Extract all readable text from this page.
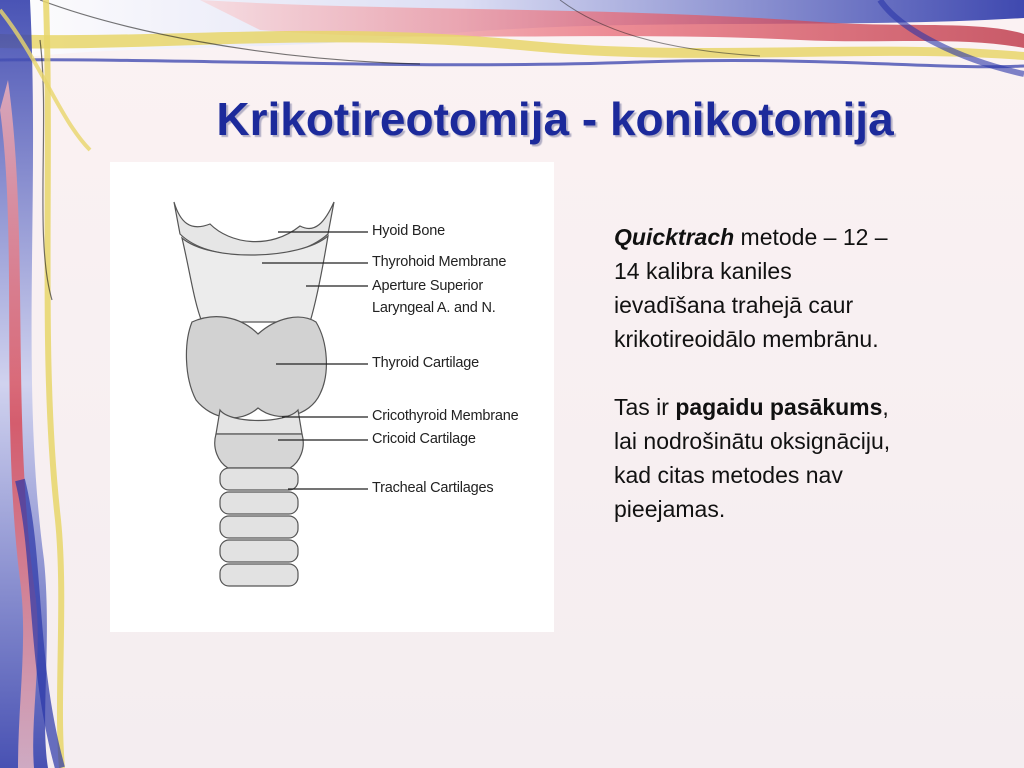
Krikotireotomija - konikotomija
Hyoid Bone
Thyrohoid Membrane
Aperture Superior
Laryngeal A. and N.
Thyroid Cartilage
Cricothyroid Membrane
Cricoid Cartilage
Tracheal Cartilages

Quicktrach metode – 12 –
14 kalibra kaniles
ievadīšana trahejā caur
krikotireoidālo membrānu.

Tas ir pagaidu pasākums,
lai nodrošinātu oksignāciju,
kad citas metodes nav
pieejamas.
